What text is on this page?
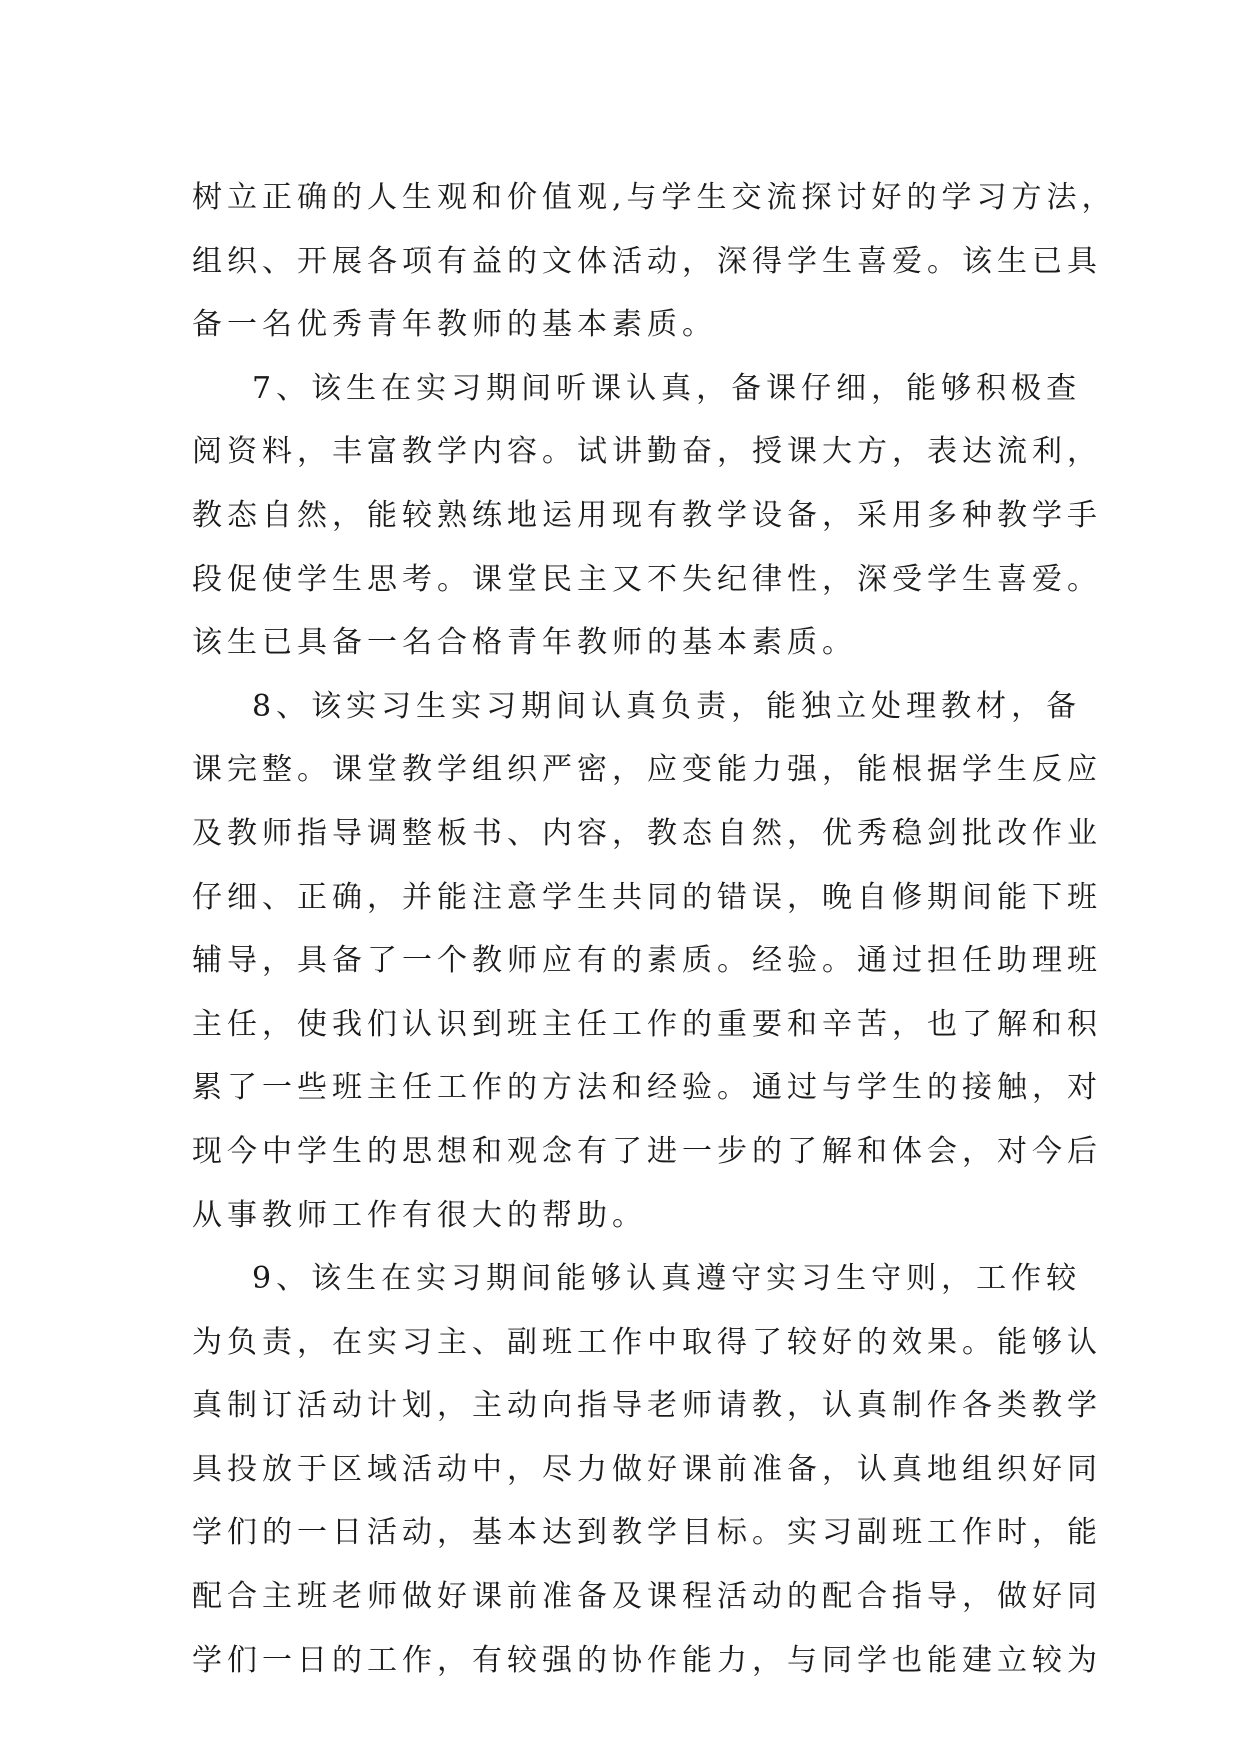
树立正确的人生观和价值观,与学生交流探讨好的学习方法，
组织、开展各项有益的文体活动，深得学生喜爱。该生已具
备一名优秀青年教师的基本素质。
7、该生在实习期间听课认真，备课仔细，能够积极查
阅资料，丰富教学内容。试讲勤奋，授课大方，表达流利，
教态自然，能较熟练地运用现有教学设备，采用多种教学手
段促使学生思考。课堂民主又不失纪律性，深受学生喜爱。
该生已具备一名合格青年教师的基本素质。
8、该实习生实习期间认真负责，能独立处理教材，备
课完整。课堂教学组织严密，应变能力强，能根据学生反应
及教师指导调整板书、内容，教态自然，优秀稳剑批改作业
仔细、正确，并能注意学生共同的错误，晚自修期间能下班
辅导，具备了一个教师应有的素质。经验。通过担任助理班
主任，使我们认识到班主任工作的重要和辛苦，也了解和积
累了一些班主任工作的方法和经验。通过与学生的接触，对
现今中学生的思想和观念有了进一步的了解和体会，对今后
从事教师工作有很大的帮助。
9、该生在实习期间能够认真遵守实习生守则，工作较
为负责，在实习主、副班工作中取得了较好的效果。能够认
真制订活动计划，主动向指导老师请教，认真制作各类教学
具投放于区域活动中，尽力做好课前准备，认真地组织好同
学们的一日活动，基本达到教学目标。实习副班工作时，能
配合主班老师做好课前准备及课程活动的配合指导，做好同
学们一日的工作，有较强的协作能力，与同学也能建立较为
